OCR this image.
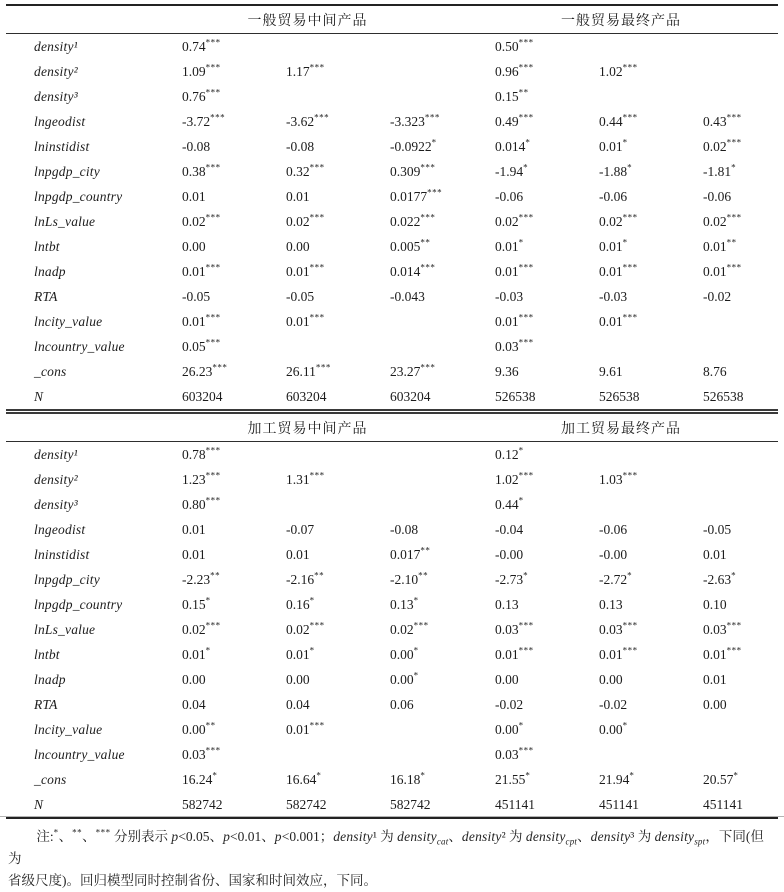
	一般贸易中间产品			一般贸易最终产品		
density¹	0.74***			0.50***		
density²	1.09***	1.17***		0.96***	1.02***	
density³	0.76***			0.15**		
lngeodist	-3.72***	-3.62***	-3.323***	0.49***	0.44***	0.43***
lninstidist	-0.08	-0.08	-0.0922*	0.014*	0.01*	0.02***
lnpgdp_city	0.38***	0.32***	0.309***	-1.94*	-1.88*	-1.81*
lnpgdp_country	0.01	0.01	0.0177***	-0.06	-0.06	-0.06
lnLs_value	0.02***	0.02***	0.022***	0.02***	0.02***	0.02***
lntbt	0.00	0.00	0.005**	0.01*	0.01*	0.01**
lnadp	0.01***	0.01***	0.014***	0.01***	0.01***	0.01***
RTA	-0.05	-0.05	-0.043	-0.03	-0.03	-0.02
lncity_value	0.01***	0.01***		0.01***	0.01***	
lncountry_value	0.05***			0.03***		
_cons	26.23***	26.11***	23.27***	9.36	9.61	8.76
N	603204	603204	603204	526538	526538	526538
	加工贸易中间产品			加工贸易最终产品		
density¹	0.78***			0.12*		
density²	1.23***	1.31***		1.02***	1.03***	
density³	0.80***			0.44*		
lngeodist	0.01	-0.07	-0.08	-0.04	-0.06	-0.05
lninstidist	0.01	0.01	0.017**	-0.00	-0.00	0.01
lnpgdp_city	-2.23**	-2.16**	-2.10**	-2.73*	-2.72*	-2.63*
lnpgdp_country	0.15*	0.16*	0.13*	0.13	0.13	0.10
lnLs_value	0.02***	0.02***	0.02***	0.03***	0.03***	0.03***
lntbt	0.01*	0.01*	0.00*	0.01***	0.01***	0.01***
lnadp	0.00	0.00	0.00*	0.00	0.00	0.01
RTA	0.04	0.04	0.06	-0.02	-0.02	0.00
lncity_value	0.00**	0.01***		0.00*	0.00*	
lncountry_value	0.03***			0.03***		
_cons	16.24*	16.64*	16.18*	21.55*	21.94*	20.57*
N	582742	582742	582742	451141	451141	451141
注:*、**、*** 分别表示 p<0.05、p<0.01、p<0.001；density¹ 为 density$_{cat}$、density² 为 density$_{cpt}$、density³ 为 density$_{spt}$，下同(但为
省级尺度)。回归模型同时控制省份、国家和时间效应，下同。
